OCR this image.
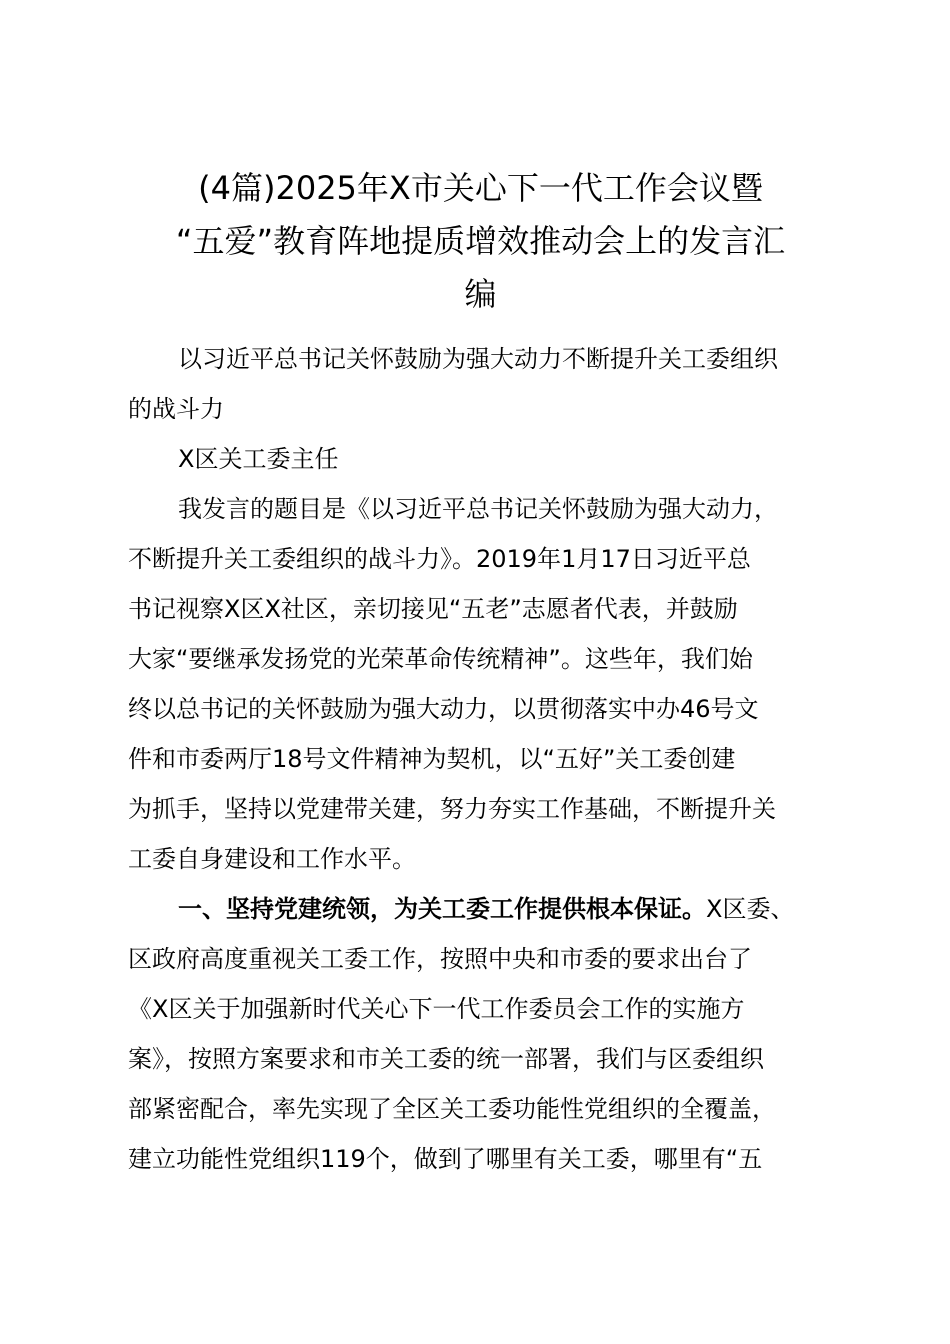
(4篇)2025年X市关心下一代工作会议暨
“五爱”教育阵地提质增效推动会上的发言汇
编
以习近平总书记关怀鼓励为强大动力不断提升关工委组织
的战斗力
X区关工委主任
我发言的题目是《以习近平总书记关怀鼓励为强大动力，
不断提升关工委组织的战斗力》。2019年1月17日习近平总
书记视察X区X社区，亲切接见“五老”志愿者代表，并鼓励
大家“要继承发扬党的光荣革命传统精神”。这些年，我们始
终以总书记的关怀鼓励为强大动力，以贯彻落实中办46号文
件和市委两厅18号文件精神为契机，以“五好”关工委创建
为抓手，坚持以党建带关建，努力夯实工作基础，不断提升关
工委自身建设和工作水平。
一、坚持党建统领，为关工委工作提供根本保证。X区委、
区政府高度重视关工委工作，按照中央和市委的要求出台了
《X区关于加强新时代关心下一代工作委员会工作的实施方
案》，按照方案要求和市关工委的统一部署，我们与区委组织
部紧密配合，率先实现了全区关工委功能性党组织的全覆盖，
建立功能性党组织119个，做到了哪里有关工委，哪里有“五
